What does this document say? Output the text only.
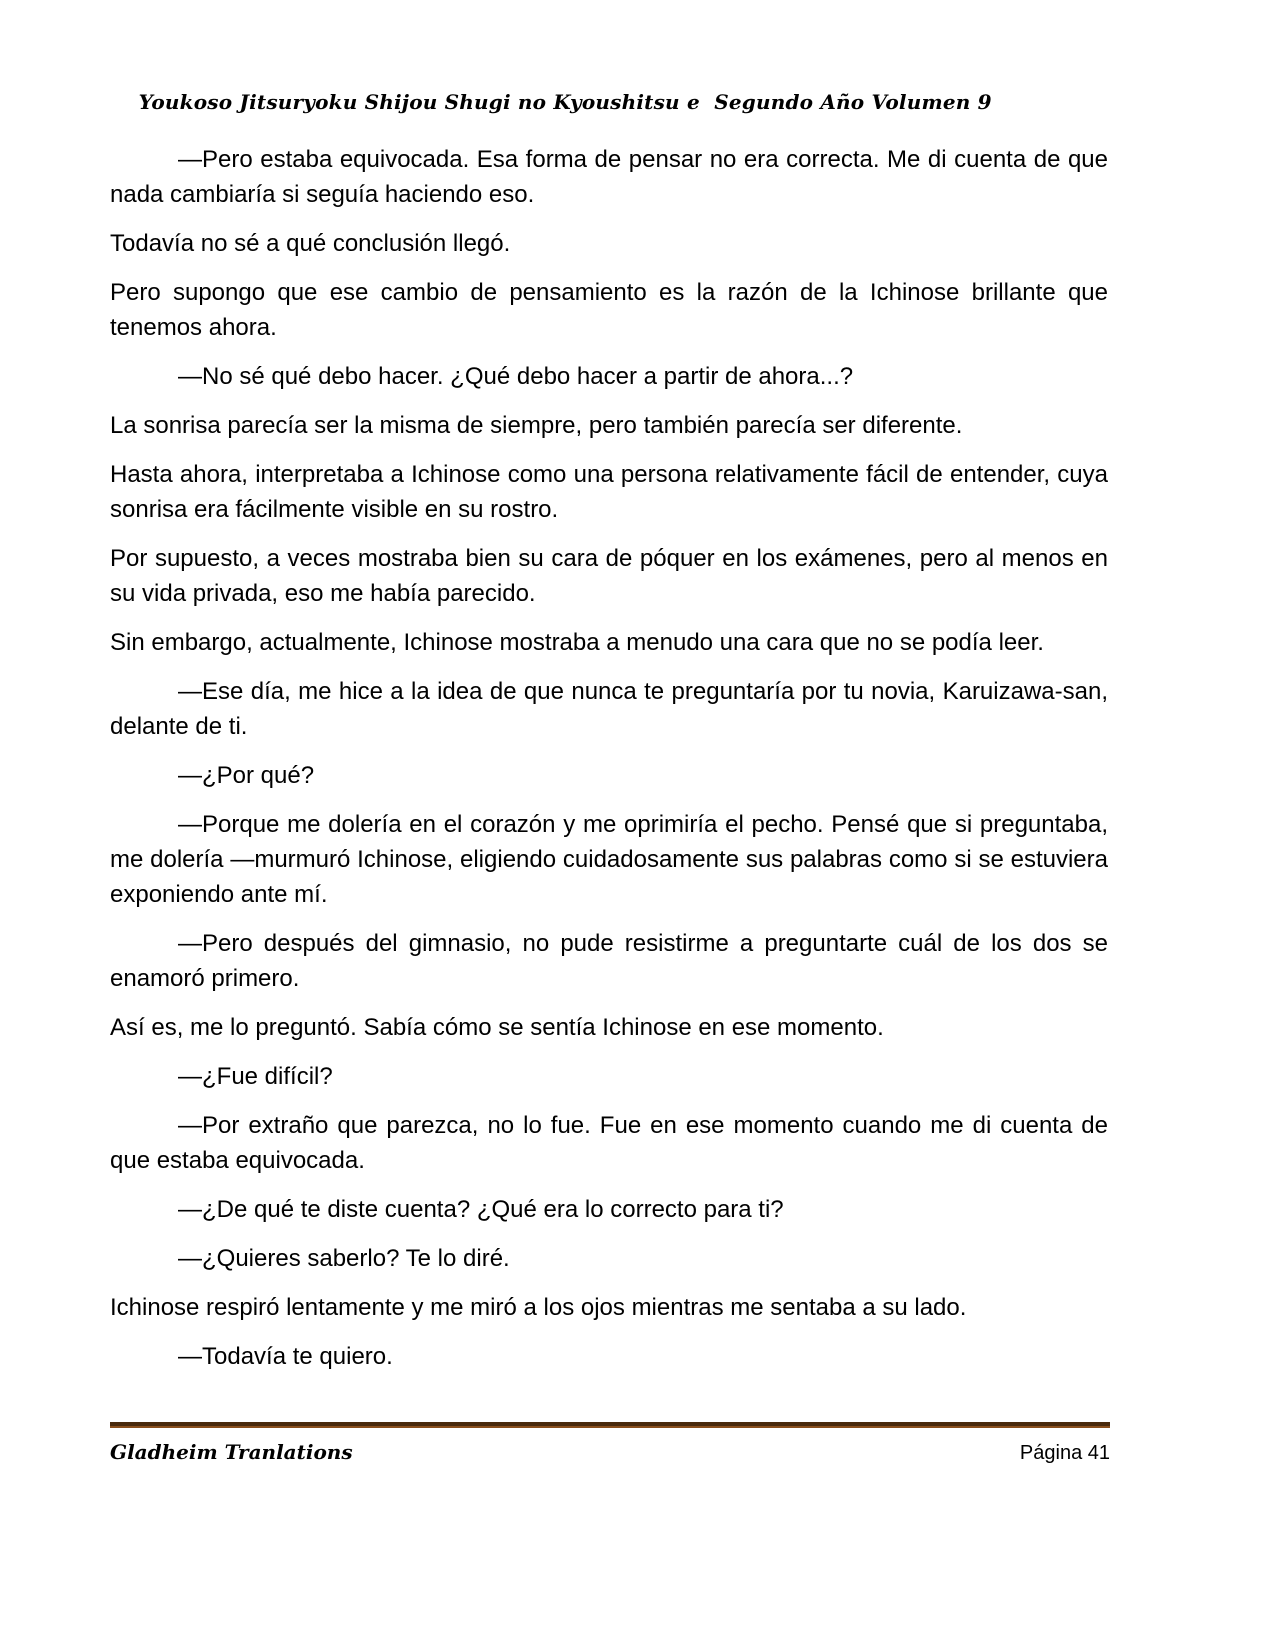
Youkoso Jitsuryoku Shijou Shugi no Kyoushitsu e  Segundo Año Volumen 9

—Pero estaba equivocada. Esa forma de pensar no era correcta. Me di cuenta de que nada cambiaría si seguía haciendo eso.

Todavía no sé a qué conclusión llegó.

Pero supongo que ese cambio de pensamiento es la razón de la Ichinose brillante que tenemos ahora.

—No sé qué debo hacer. ¿Qué debo hacer a partir de ahora...?

La sonrisa parecía ser la misma de siempre, pero también parecía ser diferente.

Hasta ahora, interpretaba a Ichinose como una persona relativamente fácil de entender, cuya sonrisa era fácilmente visible en su rostro.

Por supuesto, a veces mostraba bien su cara de póquer en los exámenes, pero al menos en su vida privada, eso me había parecido.

Sin embargo, actualmente, Ichinose mostraba a menudo una cara que no se podía leer.

—Ese día, me hice a la idea de que nunca te preguntaría por tu novia, Karuizawa-san, delante de ti.

—¿Por qué?

—Porque me dolería en el corazón y me oprimiría el pecho. Pensé que si preguntaba, me dolería —murmuró Ichinose, eligiendo cuidadosamente sus palabras como si se estuviera exponiendo ante mí.

—Pero después del gimnasio, no pude resistirme a preguntarte cuál de los dos se enamoró primero.

Así es, me lo preguntó. Sabía cómo se sentía Ichinose en ese momento.

—¿Fue difícil?

—Por extraño que parezca, no lo fue. Fue en ese momento cuando me di cuenta de que estaba equivocada.

—¿De qué te diste cuenta? ¿Qué era lo correcto para ti?

—¿Quieres saberlo? Te lo diré.

Ichinose respiró lentamente y me miró a los ojos mientras me sentaba a su lado.

—Todavía te quiero.

Gladheim Tranlations	Página 41
